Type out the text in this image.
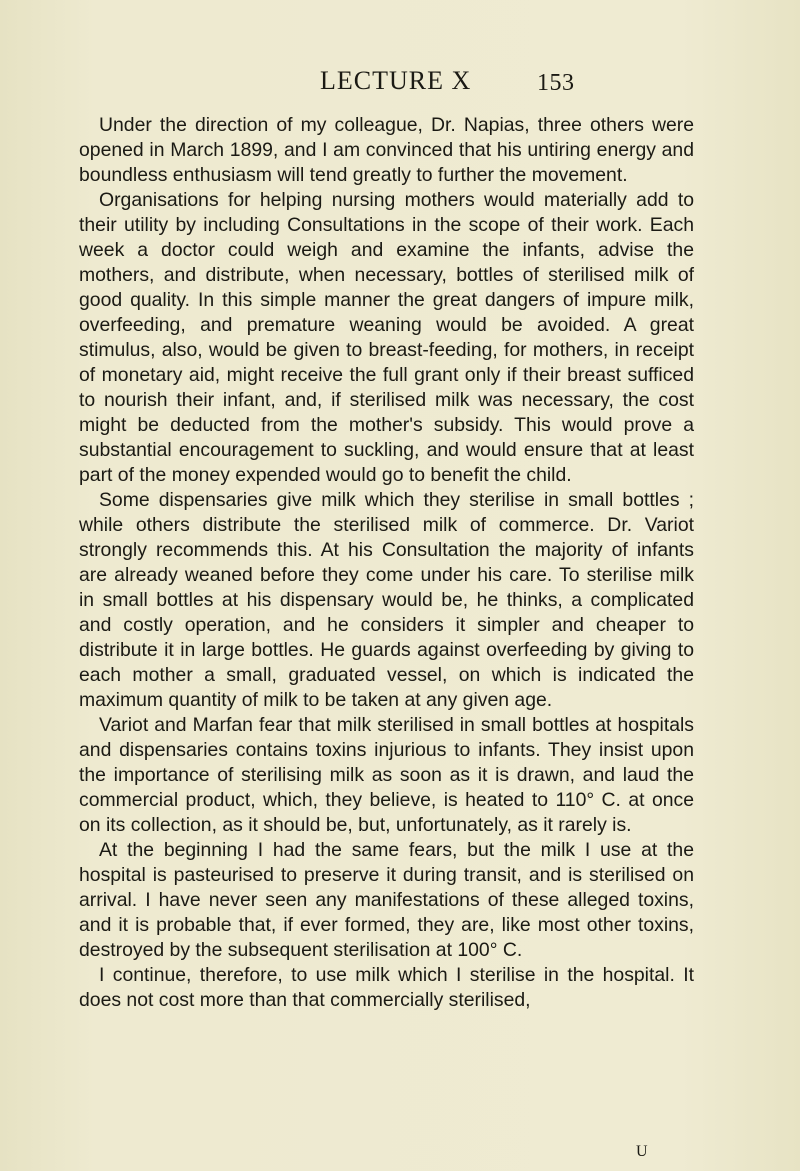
LECTURE X	153

Under the direction of my colleague, Dr. Napias, three others were opened in March 1899, and I am convinced that his untiring energy and boundless enthusiasm will tend greatly to further the movement.

Organisations for helping nursing mothers would materially add to their utility by including Consultations in the scope of their work. Each week a doctor could weigh and examine the infants, advise the mothers, and distribute, when necessary, bottles of sterilised milk of good quality. In this simple manner the great dangers of impure milk, overfeeding, and premature weaning would be avoided. A great stimulus, also, would be given to breast-feeding, for mothers, in receipt of monetary aid, might receive the full grant only if their breast sufficed to nourish their infant, and, if sterilised milk was necessary, the cost might be deducted from the mother's subsidy. This would prove a substantial encouragement to suckling, and would ensure that at least part of the money expended would go to benefit the child.

Some dispensaries give milk which they sterilise in small bottles ; while others distribute the sterilised milk of commerce. Dr. Variot strongly recommends this. At his Consultation the majority of infants are already weaned before they come under his care. To sterilise milk in small bottles at his dispensary would be, he thinks, a complicated and costly operation, and he considers it simpler and cheaper to distribute it in large bottles. He guards against overfeeding by giving to each mother a small, graduated vessel, on which is indicated the maximum quantity of milk to be taken at any given age.

Variot and Marfan fear that milk sterilised in small bottles at hospitals and dispensaries contains toxins injurious to infants. They insist upon the importance of sterilising milk as soon as it is drawn, and laud the commercial product, which, they believe, is heated to 110° C. at once on its collection, as it should be, but, unfortunately, as it rarely is.

At the beginning I had the same fears, but the milk I use at the hospital is pasteurised to preserve it during transit, and is sterilised on arrival. I have never seen any manifestations of these alleged toxins, and it is probable that, if ever formed, they are, like most other toxins, destroyed by the subsequent sterilisation at 100° C.

I continue, therefore, to use milk which I sterilise in the hospital. It does not cost more than that commercially sterilised,

U
